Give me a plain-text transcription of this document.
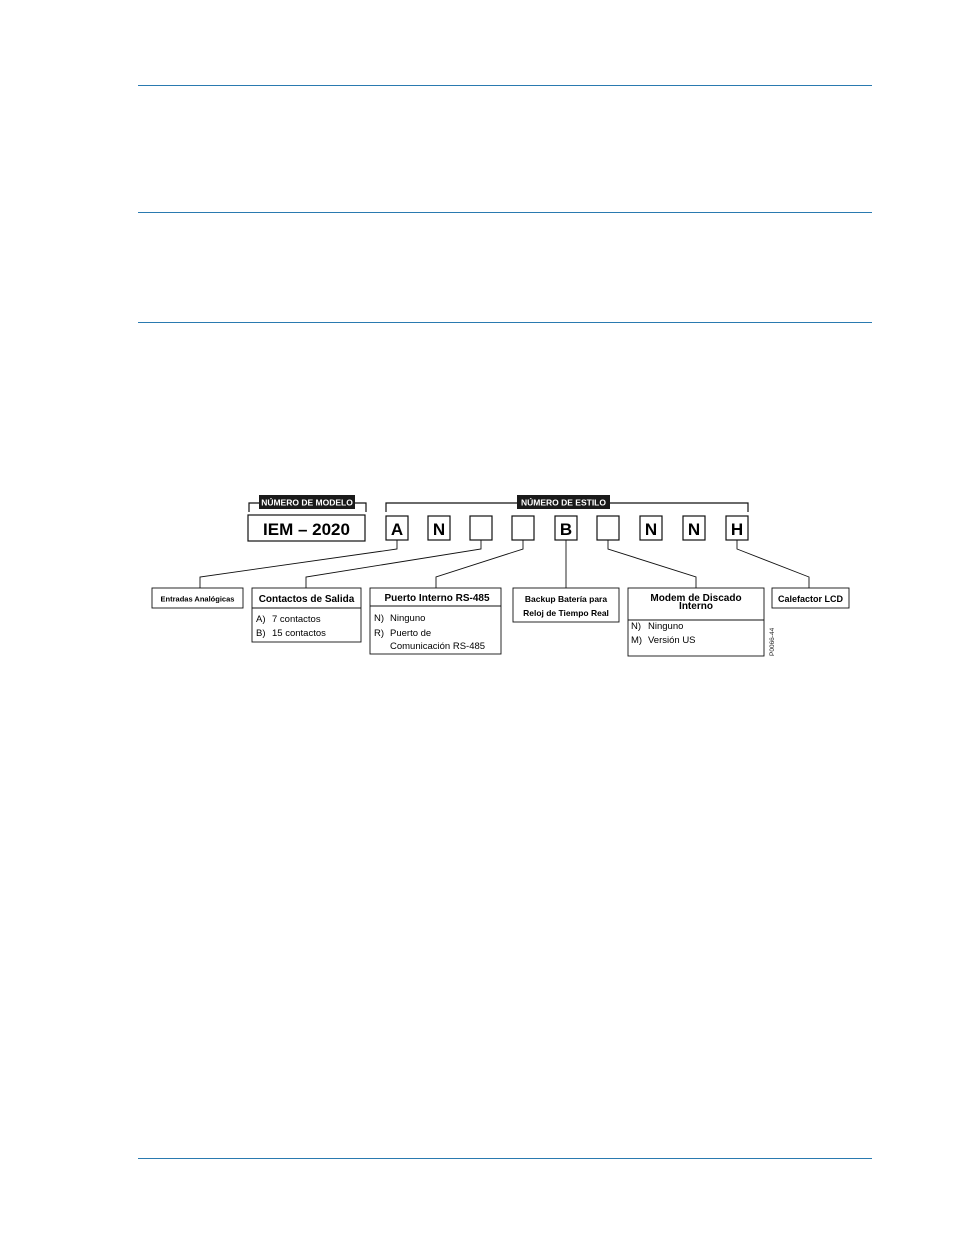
NÚMERO DE MODELO	NÚMERO DE ESTILO
IEM – 2020 A N	B	N N H
Entradas Analógicas Contactos de Salida
A) 7 contactos
B) 15 contactos
Puerto Interno RS-485
N) Ninguno
R) Puerto de
Comunicación RS-485
Backup Batería para
Reloj de Tiempo Real
Modem de Discado
Interno
N) Ninguno
M) Versión US
Calefactor LCD
P0066-44
